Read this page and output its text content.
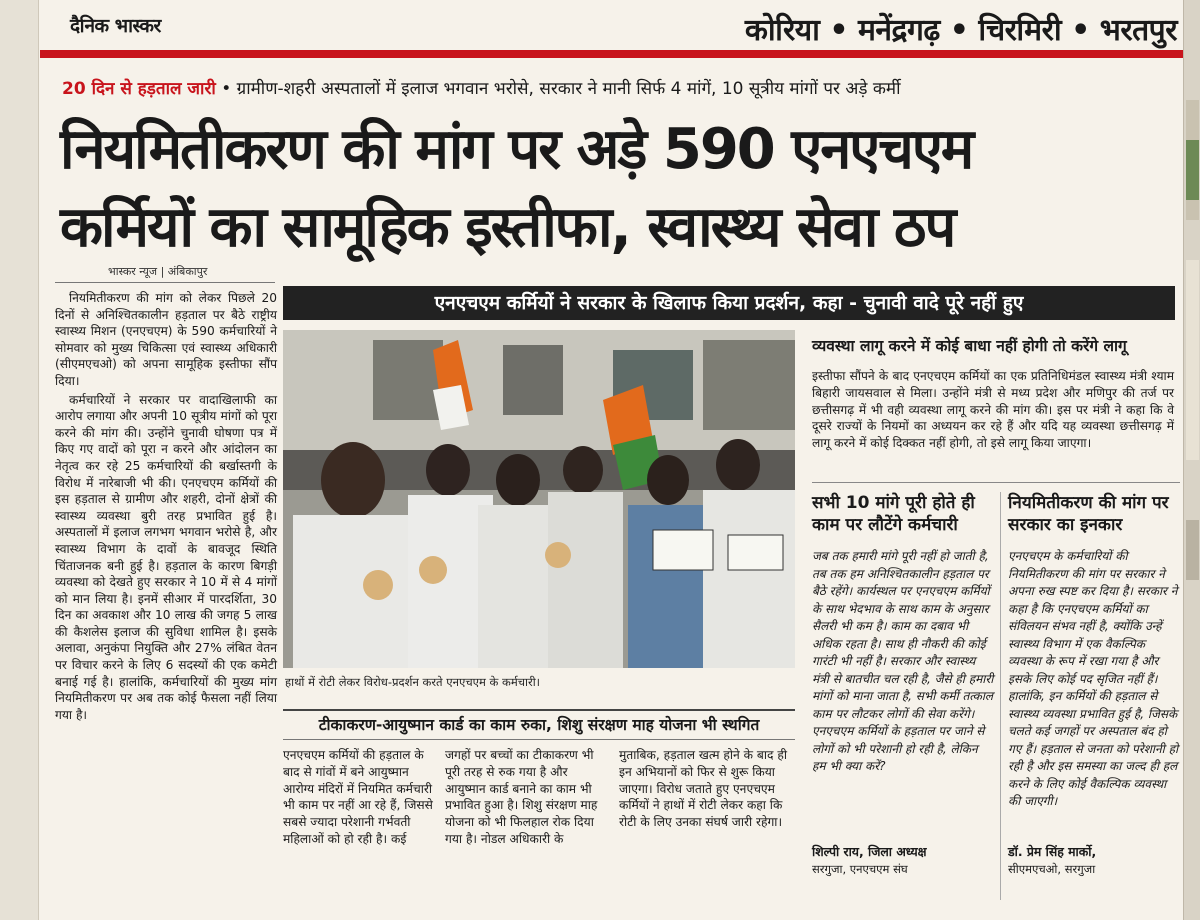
दैनिक भास्कर	कोरिया • मनेंद्रगढ़ • चिरमिरी • भरतपुर
20 दिन से हड़ताल जारी • ग्रामीण-शहरी अस्पतालों में इलाज भगवान भरोसे, सरकार ने मानी सिर्फ 4 मांगें, 10 सूत्रीय मांगों पर अड़े कर्मी
नियमितीकरण की मांग पर अड़े 590 एनएचएम
कर्मियों का सामूहिक इस्तीफा, स्वास्थ्य सेवा ठप
भास्कर न्यूज | अंबिकापुर

नियमितीकरण की मांग को लेकर पिछले 20 दिनों से अनिश्चितकालीन हड़ताल पर बैठे राष्ट्रीय स्वास्थ्य मिशन (एनएचएम) के 590 कर्मचारियों ने सोमवार को मुख्य चिकित्सा एवं स्वास्थ्य अधिकारी (सीएमएचओ) को अपना सामूहिक इस्तीफा सौंप दिया।

कर्मचारियों ने सरकार पर वादाखिलाफी का आरोप लगाया और अपनी 10 सूत्रीय मांगों को पूरा करने की मांग की। उन्होंने चुनावी घोषणा पत्र में किए गए वादों को पूरा न करने और आंदोलन का नेतृत्व कर रहे 25 कर्मचारियों की बर्खास्तगी के विरोध में नारेबाजी भी की। एनएचएम कर्मियों की इस हड़ताल से ग्रामीण और शहरी, दोनों क्षेत्रों की स्वास्थ्य व्यवस्था बुरी तरह प्रभावित हुई है। अस्पतालों में इलाज लगभग भगवान भरोसे है, और स्वास्थ्य विभाग के दावों के बावजूद स्थिति चिंताजनक बनी हुई है। हड़ताल के कारण बिगड़ी व्यवस्था को देखते हुए सरकार ने 10 में से 4 मांगों को मान लिया है। इनमें सीआर में पारदर्शिता, 30 दिन का अवकाश और 10 लाख की जगह 5 लाख की कैशलेस इलाज की सुविधा शामिल है। इसके अलावा, अनुकंपा नियुक्ति और 27% लंबित वेतन पर विचार करने के लिए 6 सदस्यों की एक कमेटी बनाई गई है। हालांकि, कर्मचारियों की मुख्य मांग नियमितीकरण पर अब तक कोई फैसला नहीं लिया गया है।

एनएचएम कर्मियों ने सरकार के खिलाफ किया प्रदर्शन, कहा - चुनावी वादे पूरे नहीं हुए
हाथों में रोटी लेकर विरोध-प्रदर्शन करते एनएचएम के कर्मचारी।
टीकाकरण-आयुष्मान कार्ड का काम रुका, शिशु संरक्षण माह योजना भी स्थगित
एनएचएम कर्मियों की हड़ताल के बाद से गांवों में बने आयुष्मान आरोग्य मंदिरों में नियमित कर्मचारी भी काम पर नहीं आ रहे हैं, जिससे सबसे ज्यादा परेशानी गर्भवती महिलाओं को हो रही है। कई
जगहों पर बच्चों का टीकाकरण भी पूरी तरह से रुक गया है और आयुष्मान कार्ड बनाने का काम भी प्रभावित हुआ है। शिशु संरक्षण माह योजना को भी फिलहाल रोक दिया गया है। नोडल अधिकारी के
मुताबिक, हड़ताल खत्म होने के बाद ही इन अभियानों को फिर से शुरू किया जाएगा। विरोध जताते हुए एनएचएम कर्मियों ने हाथों में रोटी लेकर कहा कि रोटी के लिए उनका संघर्ष जारी रहेगा।
व्यवस्था लागू करने में कोई बाधा नहीं होगी तो करेंगे लागू
इस्तीफा सौंपने के बाद एनएचएम कर्मियों का एक प्रतिनिधिमंडल स्वास्थ्य मंत्री श्याम बिहारी जायसवाल से मिला। उन्होंने मंत्री से मध्य प्रदेश और मणिपुर की तर्ज पर छत्तीसगढ़ में भी वही व्यवस्था लागू करने की मांग की। इस पर मंत्री ने कहा कि वे दूसरे राज्यों के नियमों का अध्ययन कर रहे हैं और यदि यह व्यवस्था छत्तीसगढ़ में लागू करने में कोई दिक्कत नहीं होगी, तो इसे लागू किया जाएगा।
सभी 10 मांगे पूरी होते ही काम पर लौटेंगे कर्मचारी
जब तक हमारी मांगे पूरी नहीं हो जाती है, तब तक हम अनिश्चितकालीन हड़ताल पर बैठे रहेंगे। कार्यस्थल पर एनएचएम कर्मियों के साथ भेदभाव के साथ काम के अनुसार सैलरी भी कम है। काम का दबाव भी अधिक रहता है। साथ ही नौकरी की कोई गारंटी भी नहीं है। सरकार और स्वास्थ्य मंत्री से बातचीत चल रही है, जैसे ही हमारी मांगों को माना जाता है, सभी कर्मी तत्काल काम पर लौटकर लोगों की सेवा करेंगे। एनएचएम कर्मियों के हड़ताल पर जाने से लोगों को भी परेशानी हो रही है, लेकिन हम भी क्या करें?
शिल्पी राय, जिला अध्यक्ष
सरगुजा, एनएचएम संघ
नियमितीकरण की मांग पर सरकार का इनकार
एनएचएम के कर्मचारियों की नियमितीकरण की मांग पर सरकार ने अपना रुख स्पष्ट कर दिया है। सरकार ने कहा है कि एनएचएम कर्मियों का संविलयन संभव नहीं है, क्योंकि उन्हें स्वास्थ्य विभाग में एक वैकल्पिक व्यवस्था के रूप में रखा गया है और इसके लिए कोई पद सृजित नहीं हैं। हालांकि, इन कर्मियों की हड़ताल से स्वास्थ्य व्यवस्था प्रभावित हुई है, जिसके चलते कई जगहों पर अस्पताल बंद हो गए हैं। हड़ताल से जनता को परेशानी हो रही है और इस समस्या का जल्द ही हल करने के लिए कोई वैकल्पिक व्यवस्था की जाएगी।
डॉ. प्रेम सिंह मार्को,
सीएमएचओ, सरगुजा
